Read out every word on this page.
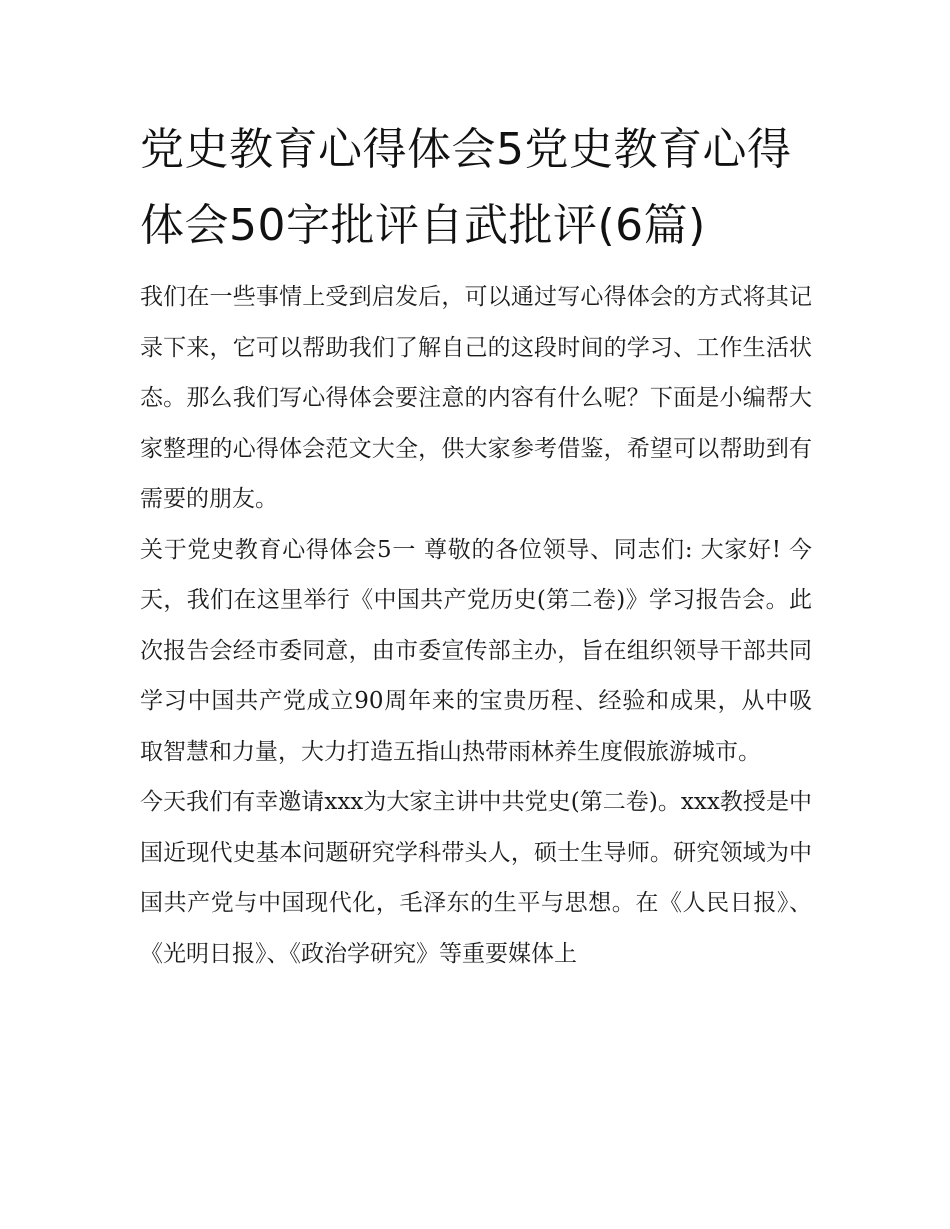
党史教育心得体会5党史教育心得体会50字批评自武批评(6篇)

我们在一些事情上受到启发后，可以通过写心得体会的方式将其记录下来，它可以帮助我们了解自己的这段时间的学习、工作生活状态。那么我们写心得体会要注意的内容有什么呢？下面是小编帮大家整理的心得体会范文大全，供大家参考借鉴，希望可以帮助到有需要的朋友。

关于党史教育心得体会5一 尊敬的各位领导、同志们: 大家好! 今天，我们在这里举行《中国共产党历史(第二卷)》学习报告会。此次报告会经市委同意，由市委宣传部主办，旨在组织领导干部共同学习中国共产党成立90周年来的宝贵历程、经验和成果，从中吸取智慧和力量，大力打造五指山热带雨林养生度假旅游城市。

今天我们有幸邀请xxx为大家主讲中共党史(第二卷)。xxx教授是中国近现代史基本问题研究学科带头人，硕士生导师。研究领域为中国共产党与中国现代化，毛泽东的生平与思想。在《人民日报》、《光明日报》、《政治学研究》等重要媒体上
